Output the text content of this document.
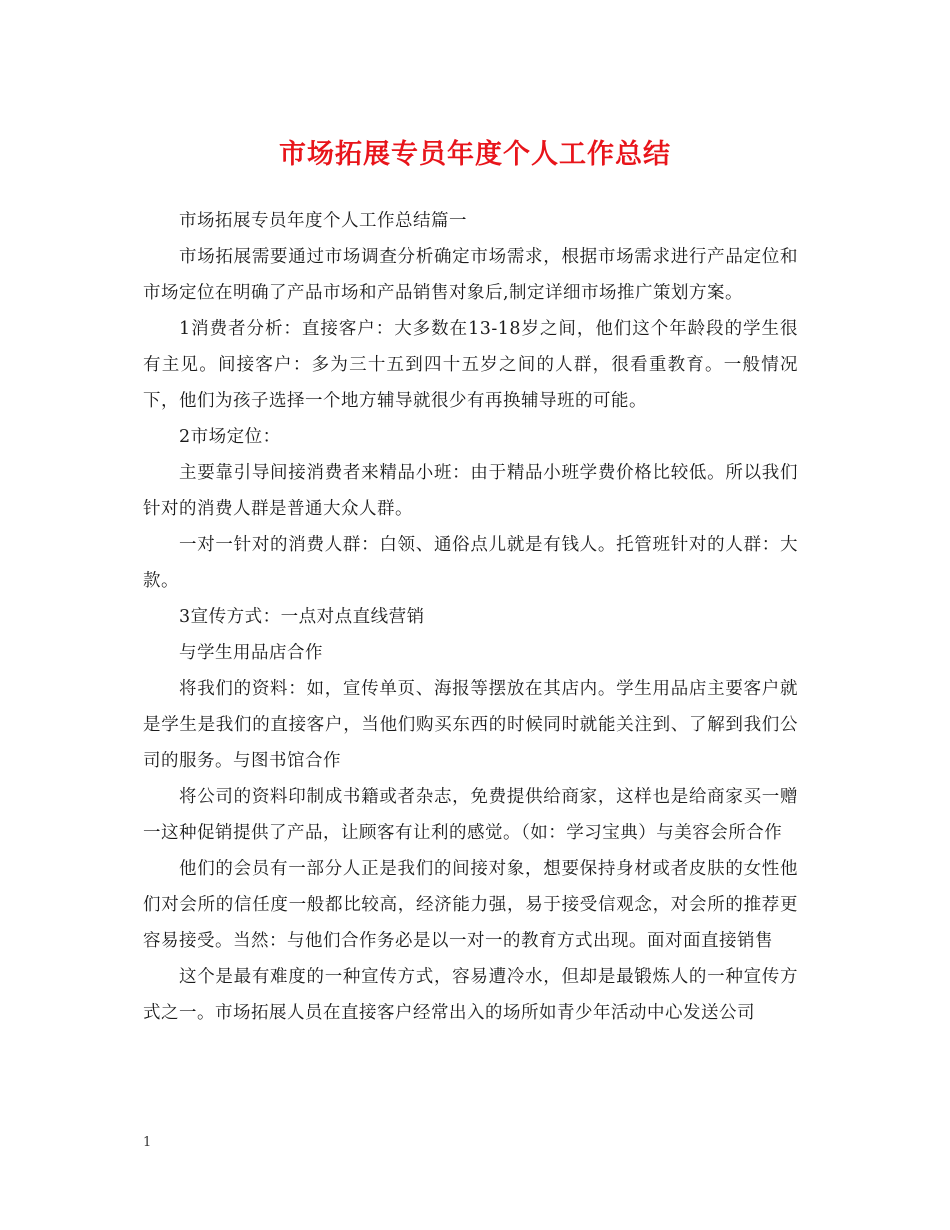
市场拓展专员年度个人工作总结

市场拓展专员年度个人工作总结篇一

市场拓展需要通过市场调查分析确定市场需求，根据市场需求进行产品定位和市场定位在明确了产品市场和产品销售对象后,制定详细市场推广策划方案。

1消费者分析：直接客户：大多数在13-18岁之间，他们这个年龄段的学生很有主见。间接客户：多为三十五到四十五岁之间的人群，很看重教育。一般情况下，他们为孩子选择一个地方辅导就很少有再换辅导班的可能。

2市场定位：

主要靠引导间接消费者来精品小班：由于精品小班学费价格比较低。所以我们针对的消费人群是普通大众人群。

一对一针对的消费人群：白领、通俗点儿就是有钱人。托管班针对的人群：大款。

3宣传方式：一点对点直线营销

与学生用品店合作

将我们的资料：如，宣传单页、海报等摆放在其店内。学生用品店主要客户就是学生是我们的直接客户，当他们购买东西的时候同时就能关注到、了解到我们公司的服务。与图书馆合作

将公司的资料印制成书籍或者杂志，免费提供给商家，这样也是给商家买一赠一这种促销提供了产品，让顾客有让利的感觉。（如：学习宝典）与美容会所合作

他们的会员有一部分人正是我们的间接对象，想要保持身材或者皮肤的女性他们对会所的信任度一般都比较高，经济能力强，易于接受信观念，对会所的推荐更容易接受。当然：与他们合作务必是以一对一的教育方式出现。面对面直接销售

这个是最有难度的一种宣传方式，容易遭冷水，但却是最锻炼人的一种宣传方式之一。市场拓展人员在直接客户经常出入的场所如青少年活动中心发送公司

1
